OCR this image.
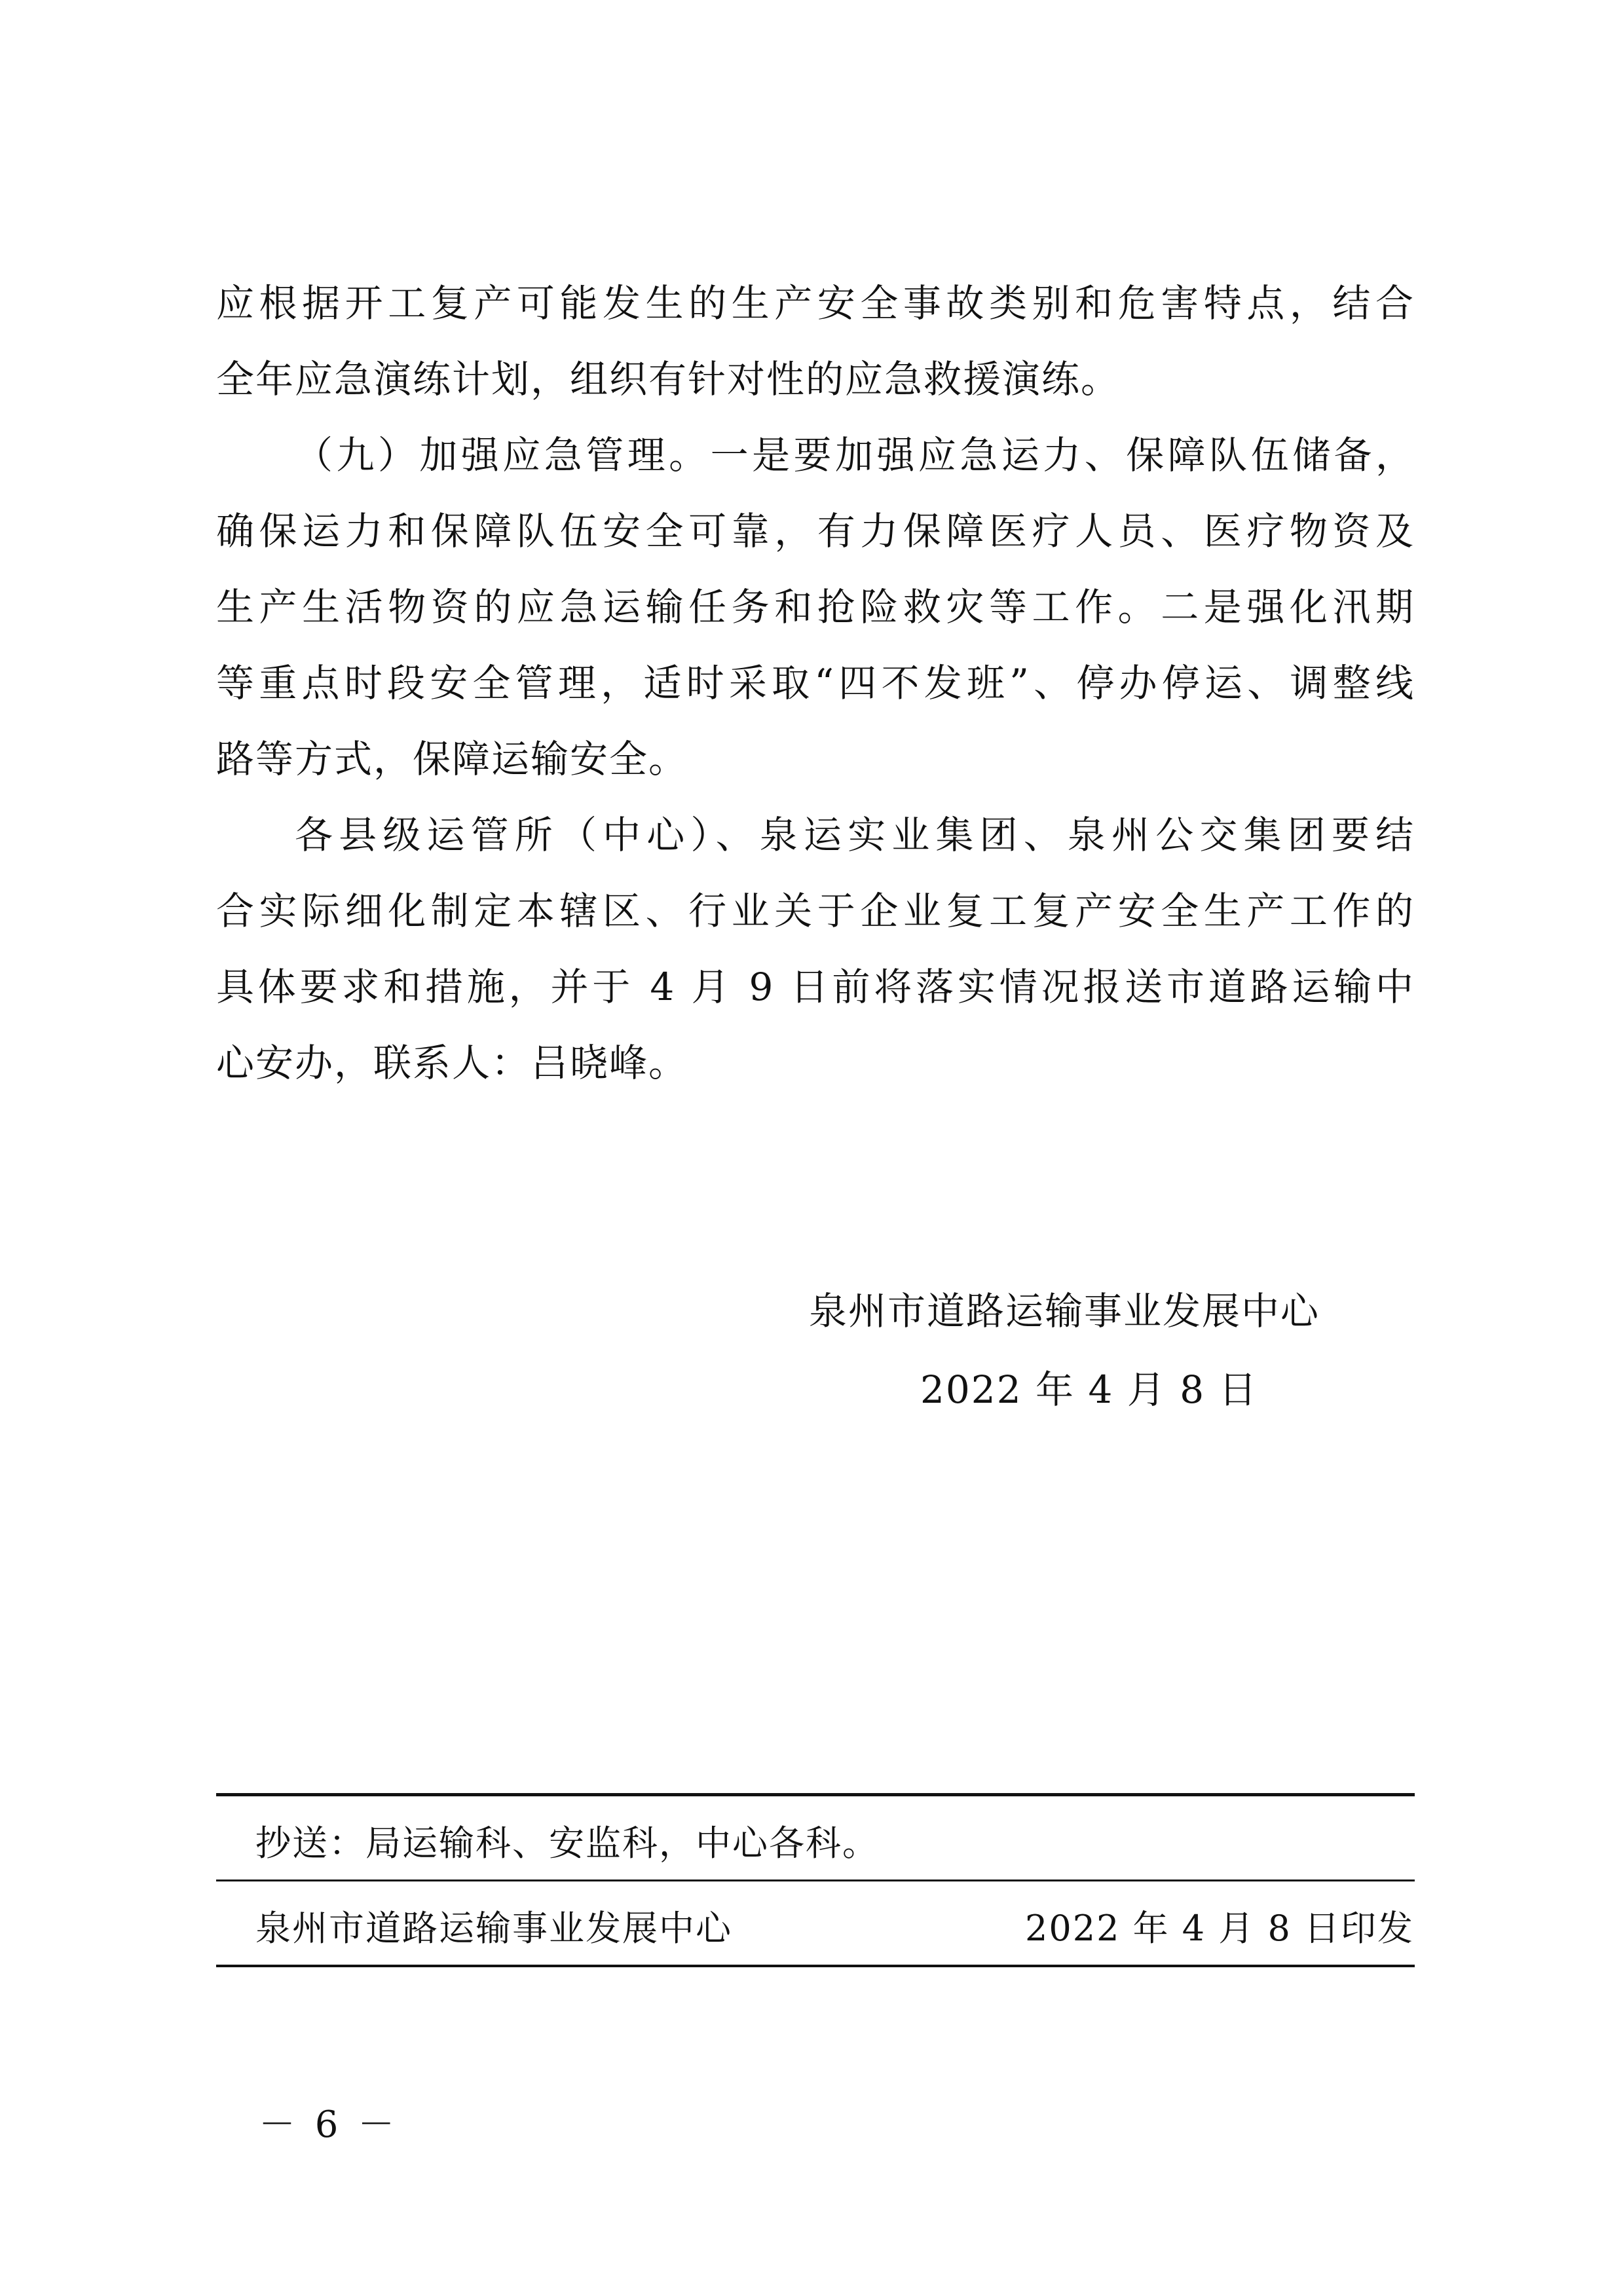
应根据开工复产可能发生的生产安全事故类别和危害特点，结合
全年应急演练计划，组织有针对性的应急救援演练。

（九）加强应急管理。一是要加强应急运力、保障队伍储备，
确保运力和保障队伍安全可靠，有力保障医疗人员、医疗物资及
生产生活物资的应急运输任务和抢险救灾等工作。二是强化汛期
等重点时段安全管理，适时采取“四不发班”、停办停运、调整线
路等方式，保障运输安全。

各县级运管所（中心）、泉运实业集团、泉州公交集团要结
合实际细化制定本辖区、行业关于企业复工复产安全生产工作的
具体要求和措施，并于 4 月 9 日前将落实情况报送市道路运输中
心安办，联系人：吕晓峰。

泉州市道路运输事业发展中心
2022 年 4 月 8 日
抄送：局运输科、安监科，中心各科。
泉州市道路运输事业发展中心	2022 年 4 月 8 日印发
－ 6 －
